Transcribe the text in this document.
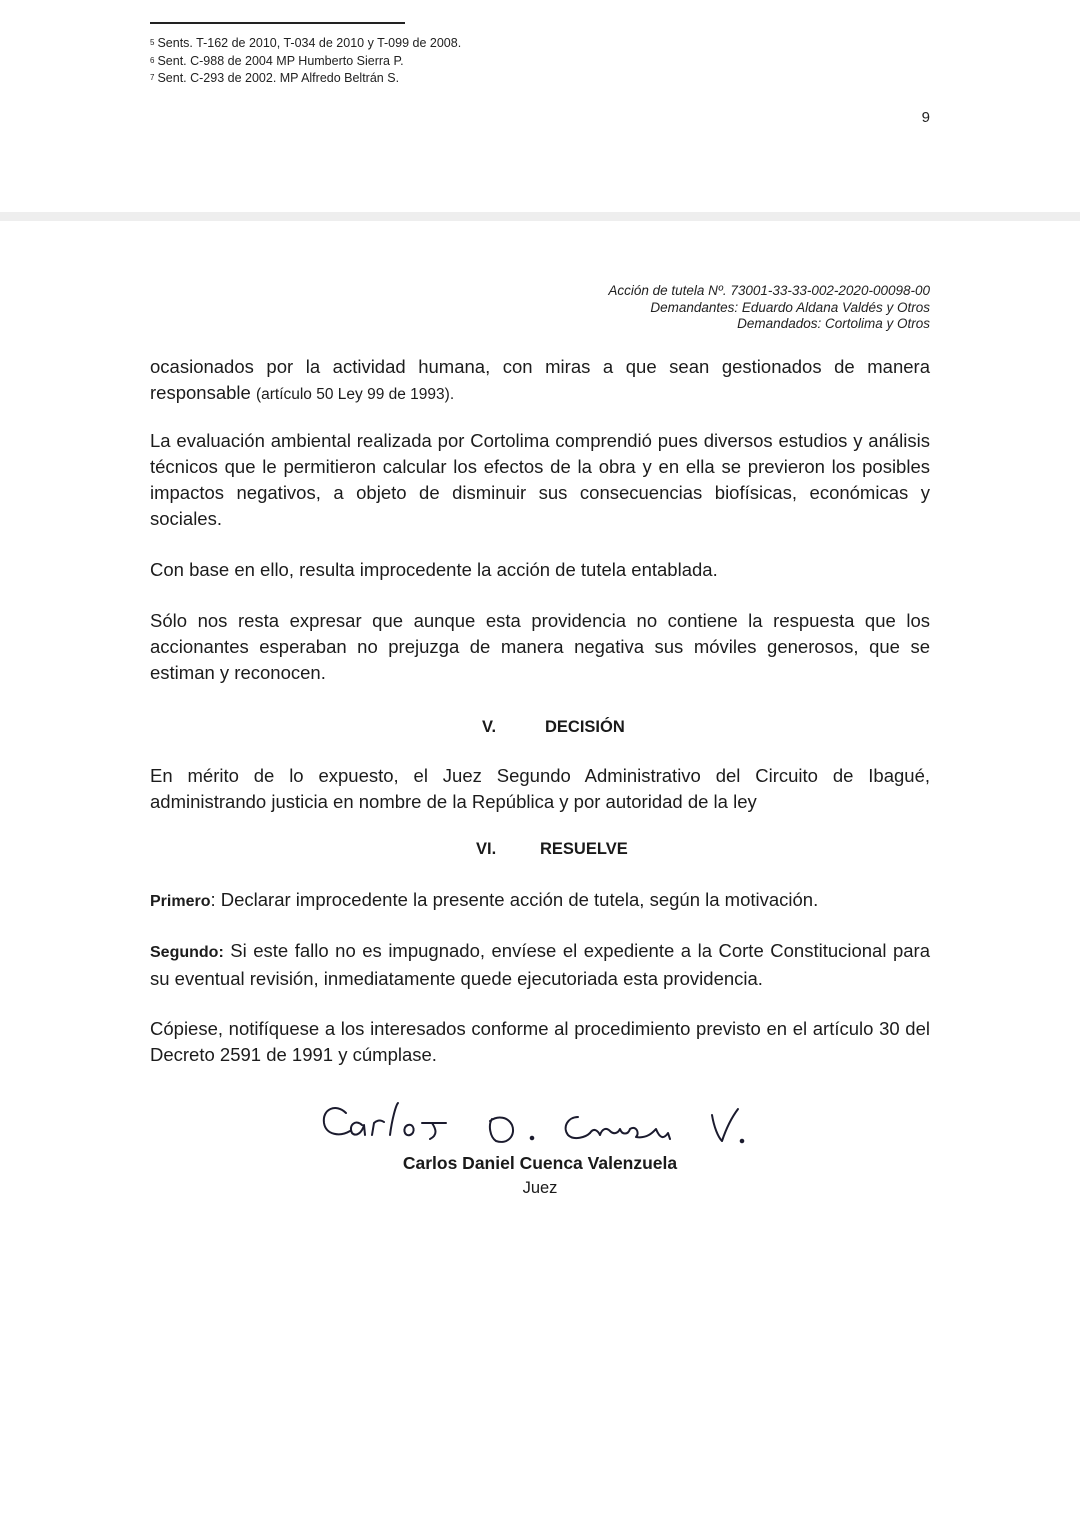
$^5$ Sents. T-162 de 2010, T-034 de 2010 y T-099 de 2008.
$^6$ Sent. C-988 de 2004 MP Humberto Sierra P.
$^7$ Sent. C-293 de 2002. MP Alfredo Beltrán S.
9
Acción de tutela Nº. 73001-33-33-002-2020-00098-00
Demandantes: Eduardo Aldana Valdés y Otros
Demandados: Cortolima y Otros

ocasionados por la actividad humana, con miras a que sean gestionados de manera responsable (artículo 50 Ley 99 de 1993).

La evaluación ambiental realizada por Cortolima comprendió pues diversos estudios y análisis técnicos que le permitieron calcular los efectos de la obra y en ella se previeron los posibles impactos negativos, a objeto de disminuir sus consecuencias biofísicas, económicas y sociales.

Con base en ello, resulta improcedente la acción de tutela entablada.

Sólo nos resta expresar que aunque esta providencia no contiene la respuesta que los accionantes esperaban no prejuzga de manera negativa sus móviles generosos, que se estiman y reconocen.

V.	DECISIÓN

En mérito de lo expuesto, el Juez Segundo Administrativo del Circuito de Ibagué, administrando justicia en nombre de la República y por autoridad de la ley

VI.	RESUELVE

Primero: Declarar improcedente la presente acción de tutela, según la motivación.

Segundo: Si este fallo no es impugnado, envíese el expediente a la Corte Constitucional para su eventual revisión, inmediatamente quede ejecutoriada esta providencia.

Cópiese, notifíquese a los interesados conforme al procedimiento previsto en el artículo 30 del Decreto 2591 de 1991 y cúmplase.

Carlos Daniel Cuenca Valenzuela
Juez
